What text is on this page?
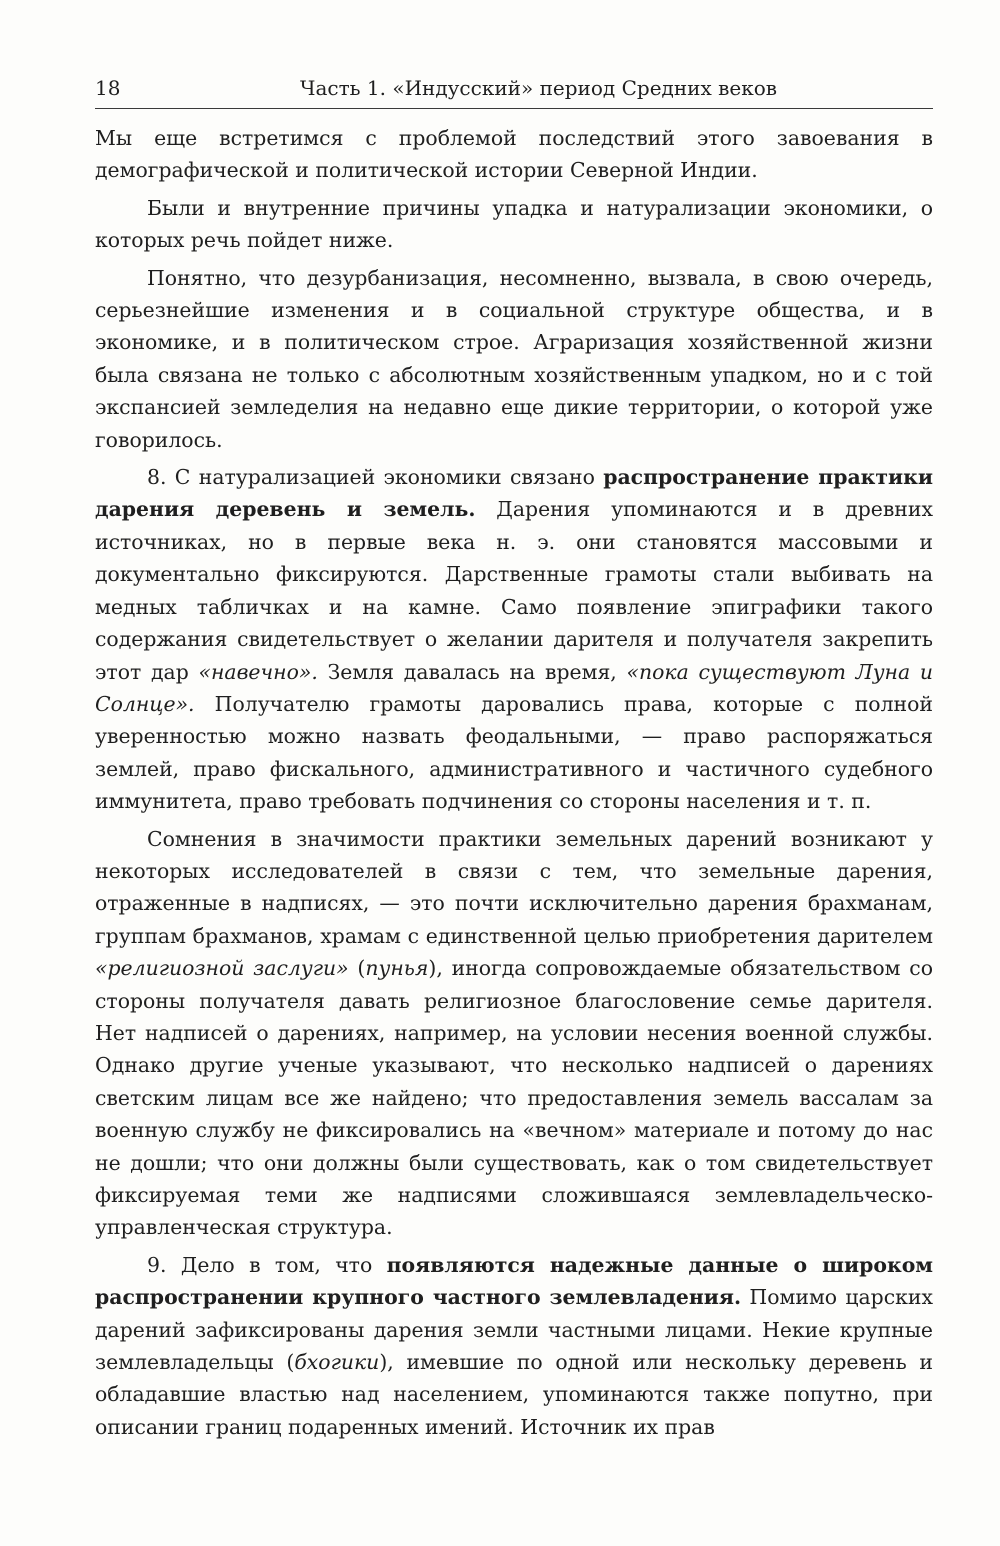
18	Часть 1. «Индусский» период Средних веков

Мы еще встретимся с проблемой последствий этого завоевания в демографической и политической истории Северной Индии.

Были и внутренние причины упадка и натурализации экономики, о которых речь пойдет ниже.

Понятно, что дезурбанизация, несомненно, вызвала, в свою очередь, серьезнейшие изменения и в социальной структуре общества, и в экономике, и в политическом строе. Аграризация хозяйственной жизни была связана не только с абсолютным хозяйственным упадком, но и с той экспансией земледелия на недавно еще дикие территории, о которой уже говорилось.

8. С натурализацией экономики связано распространение практики дарения деревень и земель. Дарения упоминаются и в древних источниках, но в первые века н. э. они становятся массовыми и документально фиксируются. Дарственные грамоты стали выбивать на медных табличках и на камне. Само появление эпиграфики такого содержания свидетельствует о желании дарителя и получателя закрепить этот дар «навечно». Земля давалась на время, «пока существуют Луна и Солнце». Получателю грамоты даровались права, которые с полной уверенностью можно назвать феодальными, — право распоряжаться землей, право фискального, административного и частичного судебного иммунитета, право требовать подчинения со стороны населения и т. п.

Сомнения в значимости практики земельных дарений возникают у некоторых исследователей в связи с тем, что земельные дарения, отраженные в надписях, — это почти исключительно дарения брахманам, группам брахманов, храмам с единственной целью приобретения дарителем «религиозной заслуги» (пунья), иногда сопровождаемые обязательством со стороны получателя давать религиозное благословение семье дарителя. Нет надписей о дарениях, например, на условии несения военной службы. Однако другие ученые указывают, что несколько надписей о дарениях светским лицам все же найдено; что предоставления земель вассалам за военную службу не фиксировались на «вечном» материале и потому до нас не дошли; что они должны были существовать, как о том свидетельствует фиксируемая теми же надписями сложившаяся землевладельческо-управленческая структура.

9. Дело в том, что появляются надежные данные о широком распространении крупного частного землевладения. Помимо царских дарений зафиксированы дарения земли частными лицами. Некие крупные землевладельцы (бхогики), имевшие по одной или нескольку деревень и обладавшие властью над населением, упоминаются также попутно, при описании границ подаренных имений. Источник их прав
